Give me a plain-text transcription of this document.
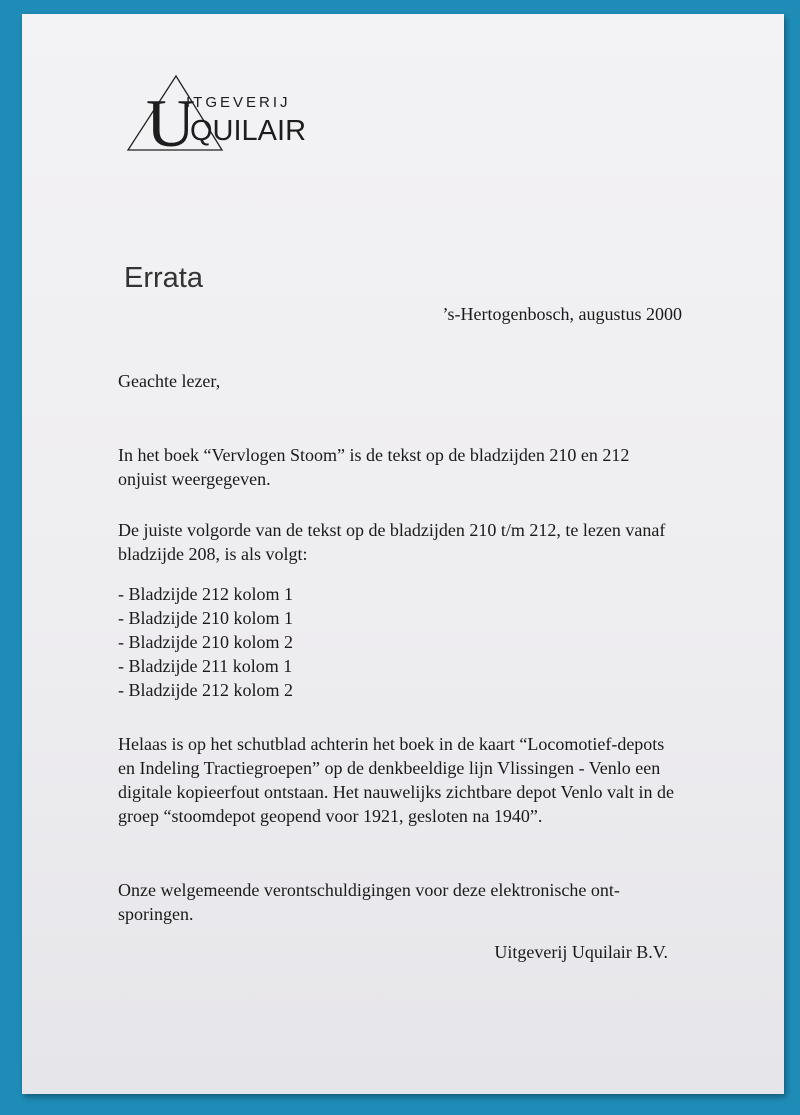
U
ITGEVERIJ
QUILAIR
Errata
’s-Hertogenbosch, augustus 2000
Geachte lezer,
In het boek “Vervlogen Stoom” is de tekst op de bladzijden 210 en 212 onjuist weergegeven.
De juiste volgorde van de tekst op de bladzijden 210 t/m 212, te lezen vanaf bladzijde 208, is als volgt:
- Bladzijde 212 kolom 1
- Bladzijde 210 kolom 1
- Bladzijde 210 kolom 2
- Bladzijde 211 kolom 1
- Bladzijde 212 kolom 2
Helaas is op het schutblad achterin het boek in de kaart “Locomotief-depots en Indeling Tractiegroepen” op de denkbeeldige lijn Vlissingen - Venlo een digitale kopieerfout ontstaan. Het nauwelijks zichtbare depot Venlo valt in de groep “stoomdepot geopend voor 1921, gesloten na 1940”.
Onze welgemeende verontschuldigingen voor deze elektronische ont-sporingen.
Uitgeverij Uquilair B.V.
